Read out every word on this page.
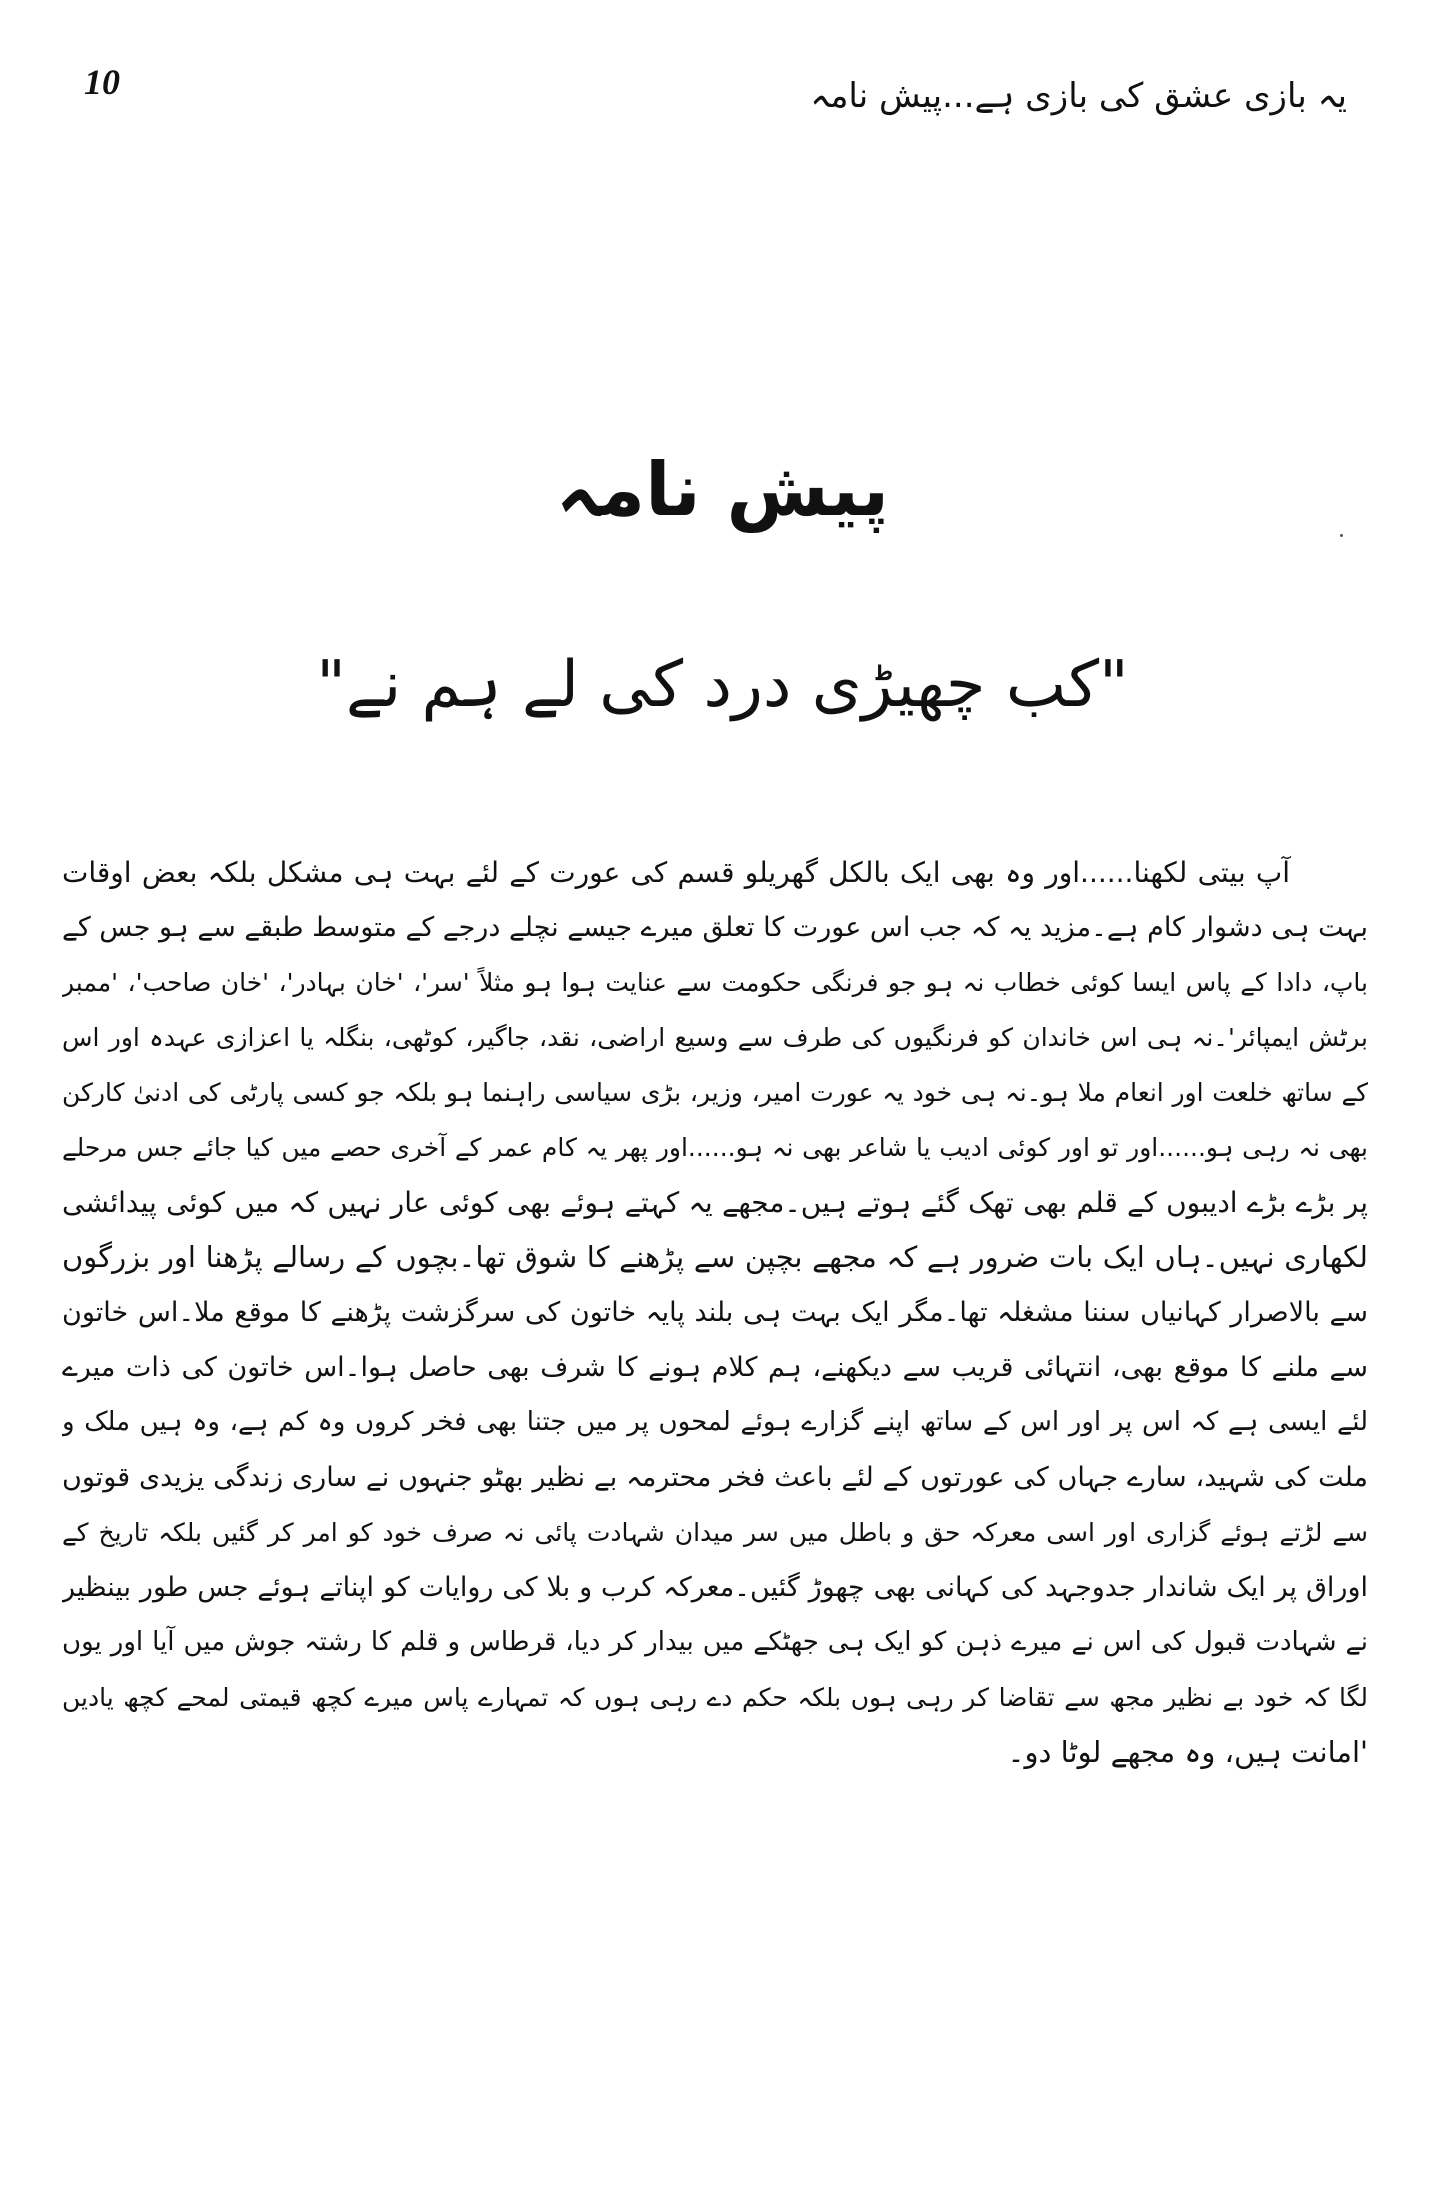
10	یہ بازی عشق کی بازی ہے...پیش نامہ
پیش نامہ
"کب چھیڑی درد کی لے ہم نے"
آپ بیتی لکھنا......اور وہ بھی ایک بالکل گھریلو قسم کی عورت کے لئے بہت ہی مشکل بلکہ بعض اوقات
بہت ہی دشوار کام ہے۔مزید یہ کہ جب اس عورت کا تعلق میرے جیسے نچلے درجے کے متوسط طبقے سے ہو جس کے
باپ، دادا کے پاس ایسا کوئی خطاب نہ ہو جو فرنگی حکومت سے عنایت ہوا ہو مثلاً 'سر'، 'خان بہادر'، 'خان صاحب'، 'ممبر
برٹش ایمپائر'۔نہ ہی اس خاندان کو فرنگیوں کی طرف سے وسیع اراضی، نقد، جاگیر، کوٹھی، بنگلہ یا اعزازی عہدہ اور اس
کے ساتھ خلعت اور انعام ملا ہو۔نہ ہی خود یہ عورت امیر، وزیر، بڑی سیاسی راہنما ہو بلکہ جو کسی پارٹی کی ادنیٰ کارکن
بھی نہ رہی ہو......اور تو اور کوئی ادیب یا شاعر بھی نہ ہو......اور پھر یہ کام عمر کے آخری حصے میں کیا جائے جس مرحلے
پر بڑے بڑے ادیبوں کے قلم بھی تھک گئے ہوتے ہیں۔مجھے یہ کہتے ہوئے بھی کوئی عار نہیں کہ میں کوئی پیدائشی
لکھاری نہیں۔ہاں ایک بات ضرور ہے کہ مجھے بچپن سے پڑھنے کا شوق تھا۔بچوں کے رسالے پڑھنا اور بزرگوں
سے بالاصرار کہانیاں سننا مشغلہ تھا۔مگر ایک بہت ہی بلند پایہ خاتون کی سرگزشت پڑھنے کا موقع ملا۔اس خاتون
سے ملنے کا موقع بھی، انتہائی قریب سے دیکھنے، ہم کلام ہونے کا شرف بھی حاصل ہوا۔اس خاتون کی ذات میرے
لئے ایسی ہے کہ اس پر اور اس کے ساتھ اپنے گزارے ہوئے لمحوں پر میں جتنا بھی فخر کروں وہ کم ہے، وہ ہیں ملک و
ملت کی شہید، سارے جہاں کی عورتوں کے لئے باعث فخر محترمہ بے نظیر بھٹو جنہوں نے ساری زندگی یزیدی قوتوں
سے لڑتے ہوئے گزاری اور اسی معرکہ حق و باطل میں سر میدان شہادت پائی نہ صرف خود کو امر کر گئیں بلکہ تاریخ کے
اوراق پر ایک شاندار جدوجہد کی کہانی بھی چھوڑ گئیں۔معرکہ کرب و بلا کی روایات کو اپناتے ہوئے جس طور بینظیر
نے شہادت قبول کی اس نے میرے ذہن کو ایک ہی جھٹکے میں بیدار کر دیا، قرطاس و قلم کا رشتہ جوش میں آیا اور یوں
لگا کہ خود بے نظیر مجھ سے تقاضا کر رہی ہوں بلکہ حکم دے رہی ہوں کہ تمہارے پاس میرے کچھ قیمتی لمحے کچھ یادیں
'امانت ہیں، وہ مجھے لوٹا دو۔
